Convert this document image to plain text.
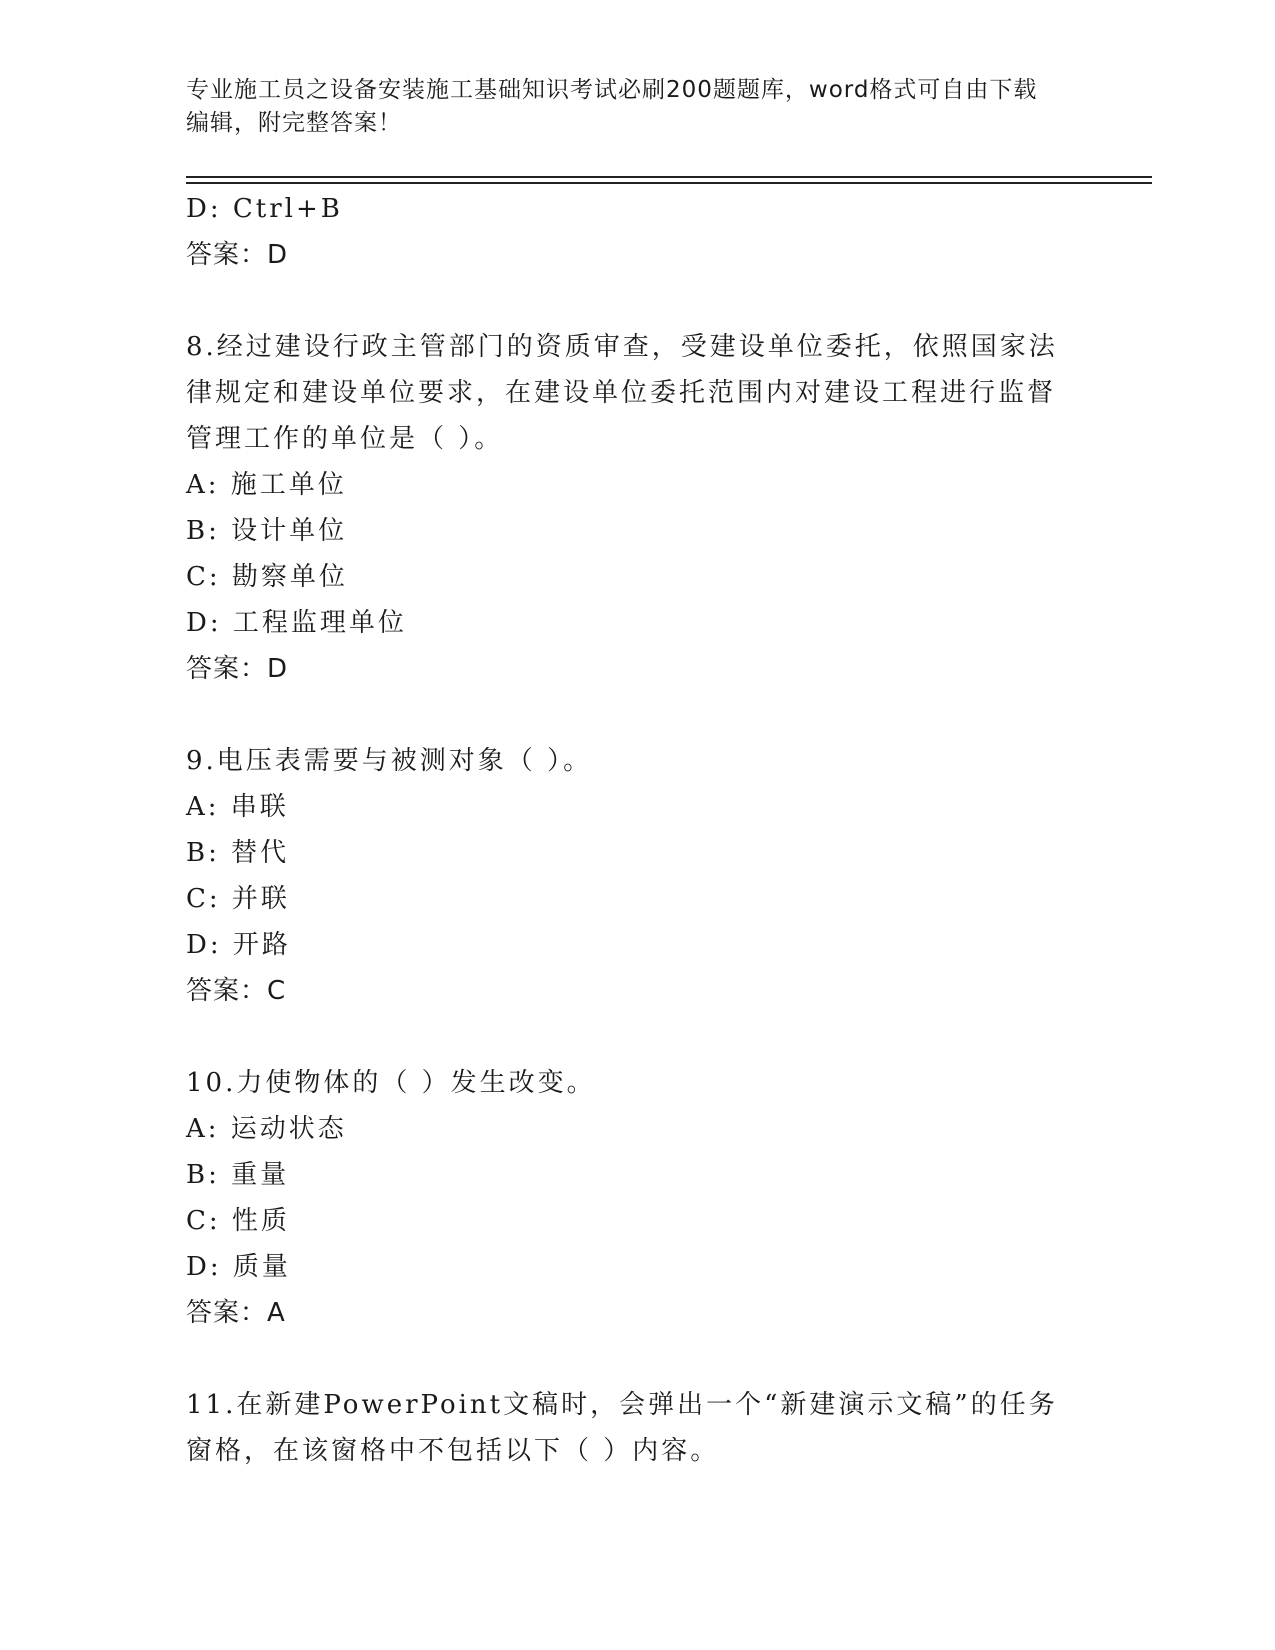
专业施工员之设备安装施工基础知识考试必刷200题题库，word格式可自由下载
编辑，附完整答案！
D: Ctrl+B
答案：D
8.经过建设行政主管部门的资质审查，受建设单位委托，依照国家法
律规定和建设单位要求，在建设单位委托范围内对建设工程进行监督
管理工作的单位是（ ）。
A: 施工单位
B: 设计单位
C: 勘察单位
D: 工程监理单位
答案：D
9.电压表需要与被测对象（ ）。
A: 串联
B: 替代
C: 并联
D: 开路
答案：C
10.力使物体的（ ）发生改变。
A: 运动状态
B: 重量
C: 性质
D: 质量
答案：A
11.在新建PowerPoint文稿时，会弹出一个“新建演示文稿”的任务
窗格，在该窗格中不包括以下（ ）内容。
